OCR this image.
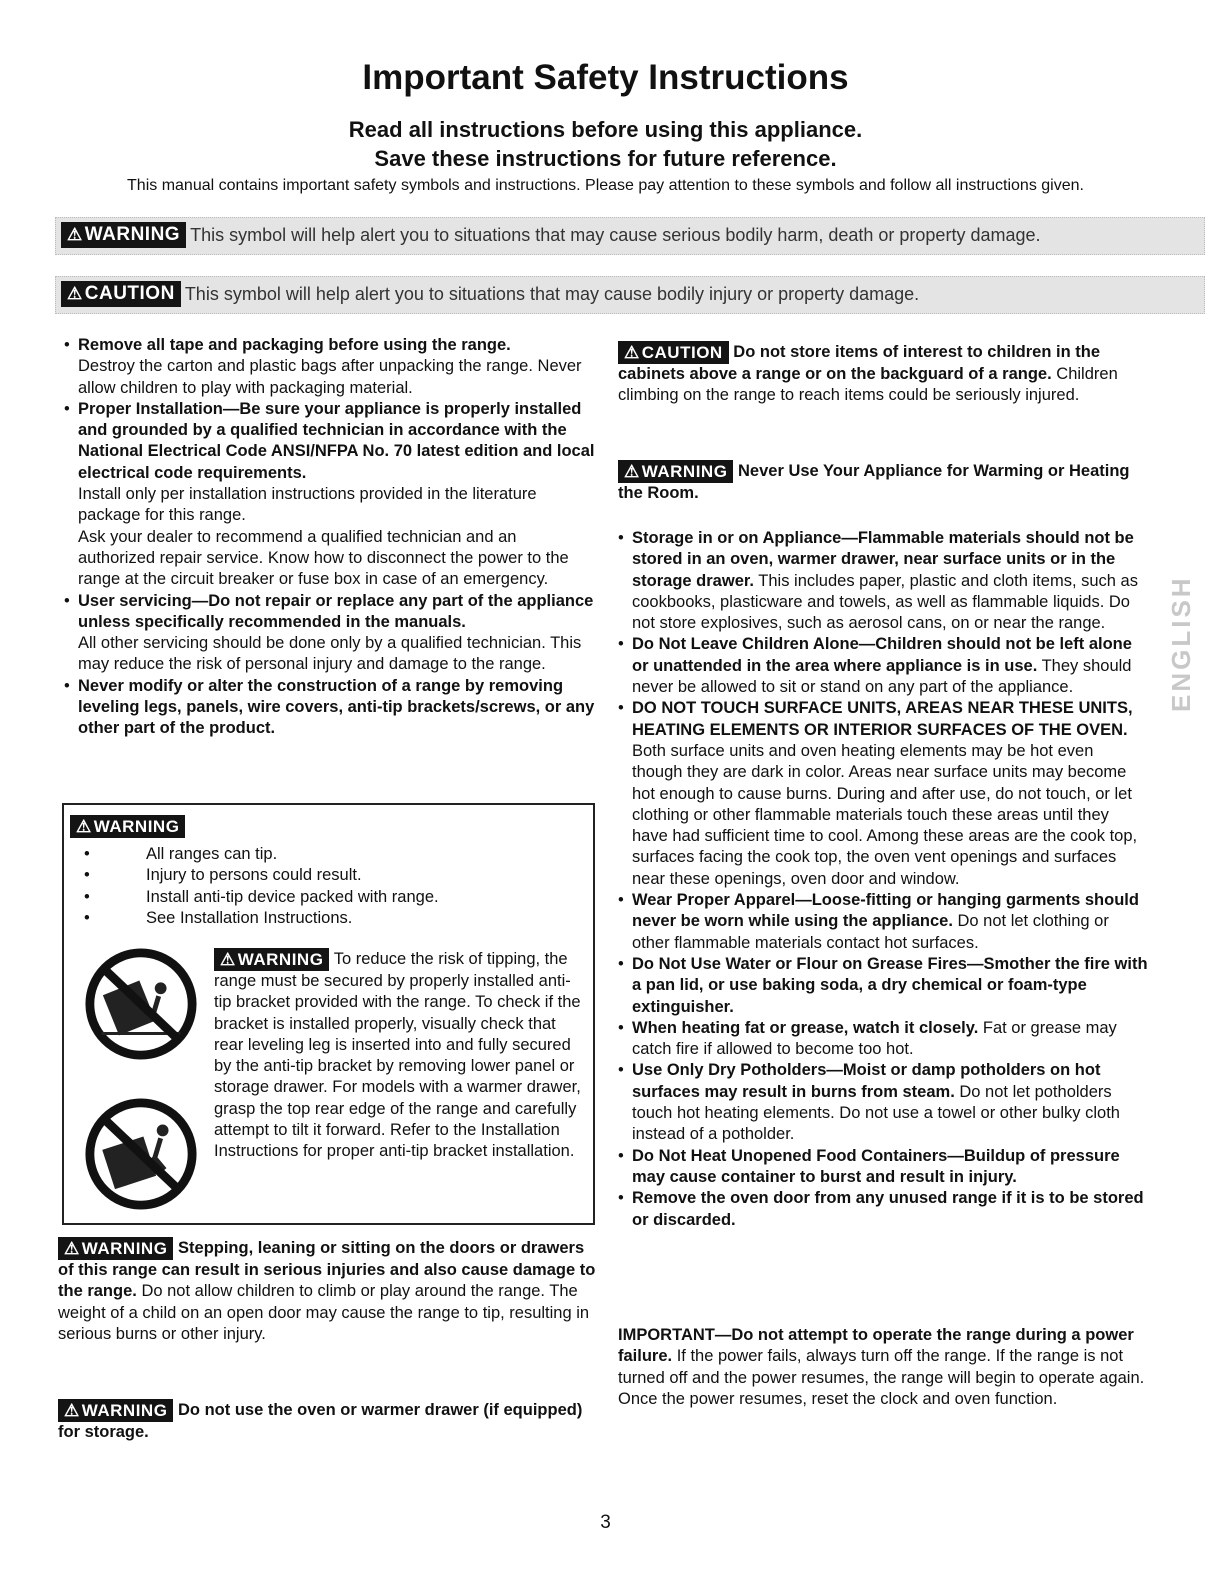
Important Safety Instructions
Read all instructions before using this appliance.
Save these instructions for future reference.
This manual contains important safety symbols and instructions. Please pay attention to these symbols and follow all instructions given.
⚠ WARNING This symbol will help alert you to situations that may cause serious bodily harm, death or property damage.
⚠ CAUTION This symbol will help alert you to situations that may cause bodily injury or property damage.
• Remove all tape and packaging before using the range.
Destroy the carton and plastic bags after unpacking the range. Never allow children to play with packaging material.
• Proper Installation—Be sure your appliance is properly installed and grounded by a qualified technician in accordance with the National Electrical Code ANSI/NFPA No. 70 latest edition and local electrical code requirements.
Install only per installation instructions provided in the literature package for this range.
Ask your dealer to recommend a qualified technician and an authorized repair service. Know how to disconnect the power to the range at the circuit breaker or fuse box in case of an emergency.
• User servicing—Do not repair or replace any part of the appliance unless specifically recommended in the manuals.
All other servicing should be done only by a qualified technician. This may reduce the risk of personal injury and damage to the range.
• Never modify or alter the construction of a range by removing leveling legs, panels, wire covers, anti-tip brackets/screws, or any other part of the product.
⚠ WARNING
• All ranges can tip.
• Injury to persons could result.
• Install anti-tip device packed with range.
• See Installation Instructions.
⚠ WARNING To reduce the risk of tipping, the range must be secured by properly installed anti-tip bracket provided with the range. To check if the bracket is installed properly, visually check that rear leveling leg is inserted into and fully secured by the anti-tip bracket by removing lower panel or storage drawer. For models with a warmer drawer, grasp the top rear edge of the range and carefully attempt to tilt it forward. Refer to the Installation Instructions for proper anti-tip bracket installation.
⚠ WARNING Stepping, leaning or sitting on the doors or drawers of this range can result in serious injuries and also cause damage to the range. Do not allow children to climb or play around the range. The weight of a child on an open door may cause the range to tip, resulting in serious burns or other injury.
⚠ WARNING Do not use the oven or warmer drawer (if equipped) for storage.
⚠ CAUTION Do not store items of interest to children in the cabinets above a range or on the backguard of a range. Children climbing on the range to reach items could be seriously injured.
⚠ WARNING Never Use Your Appliance for Warming or Heating the Room.
• Storage in or on Appliance—Flammable materials should not be stored in an oven, warmer drawer, near surface units or in the storage drawer. This includes paper, plastic and cloth items, such as cookbooks, plasticware and towels, as well as flammable liquids. Do not store explosives, such as aerosol cans, on or near the range.
• Do Not Leave Children Alone—Children should not be left alone or unattended in the area where appliance is in use. They should never be allowed to sit or stand on any part of the appliance.
• DO NOT TOUCH SURFACE UNITS, AREAS NEAR THESE UNITS, HEATING ELEMENTS OR INTERIOR SURFACES OF THE OVEN. Both surface units and oven heating elements may be hot even though they are dark in color. Areas near surface units may become hot enough to cause burns. During and after use, do not touch, or let clothing or other flammable materials touch these areas until they have had sufficient time to cool. Among these areas are the cook top, surfaces facing the cook top, the oven vent openings and surfaces near these openings, oven door and window.
• Wear Proper Apparel—Loose-fitting or hanging garments should never be worn while using the appliance. Do not let clothing or other flammable materials contact hot surfaces.
• Do Not Use Water or Flour on Grease Fires—Smother the fire with a pan lid, or use baking soda, a dry chemical or foam-type extinguisher.
• When heating fat or grease, watch it closely. Fat or grease may catch fire if allowed to become too hot.
• Use Only Dry Potholders—Moist or damp potholders on hot surfaces may result in burns from steam. Do not let potholders touch hot heating elements. Do not use a towel or other bulky cloth instead of a potholder.
• Do Not Heat Unopened Food Containers—Buildup of pressure may cause container to burst and result in injury.
• Remove the oven door from any unused range if it is to be stored or discarded.
IMPORTANT—Do not attempt to operate the range during a power failure. If the power fails, always turn off the range. If the range is not turned off and the power resumes, the range will begin to operate again. Once the power resumes, reset the clock and oven function.
ENGLISH
3
